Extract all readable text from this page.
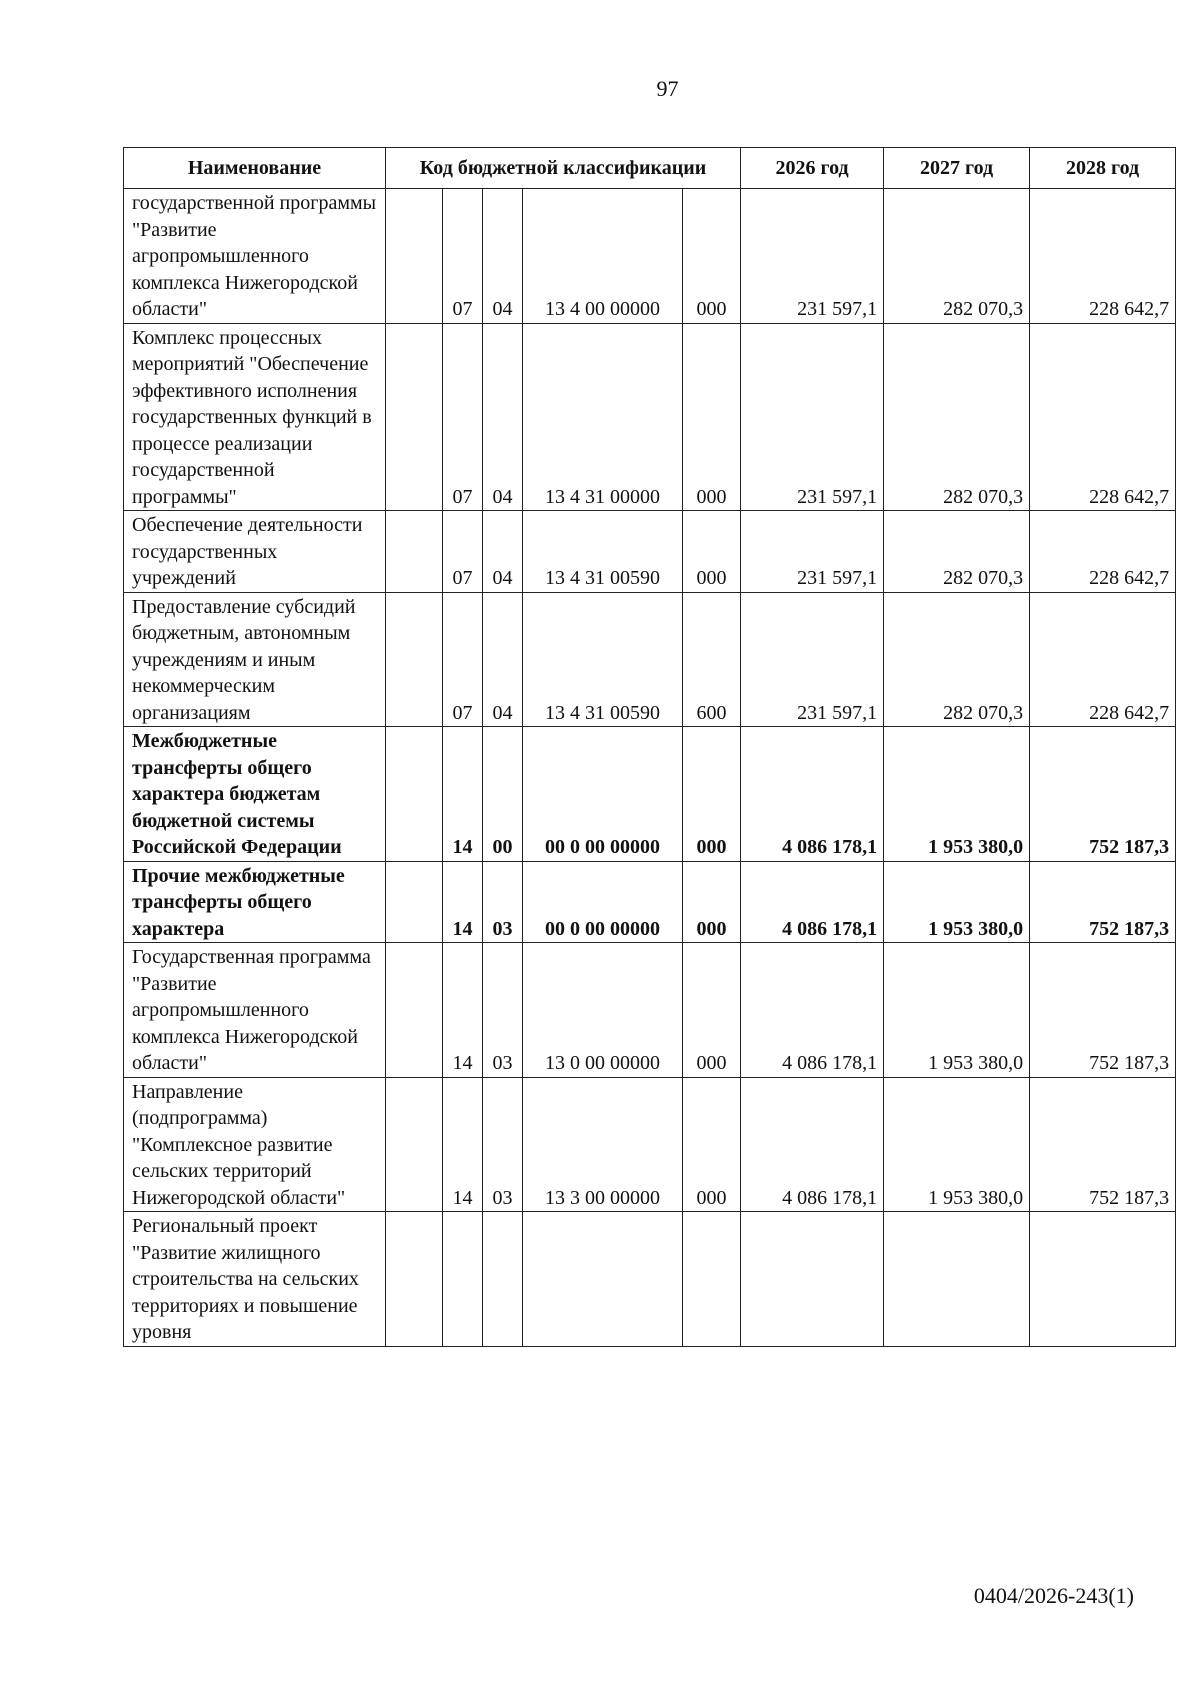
97
Наименование	Код бюджетной классификации					2026 год	2027 год	2028 год
государственной программы "Развитие агропромышленного комплекса Нижегородской области"		07	04	13 4 00 00000	000	231 597,1	282 070,3	228 642,7
Комплекс процессных мероприятий "Обеспечение эффективного исполнения государственных функций в процессе реализации государственной программы"		07	04	13 4 31 00000	000	231 597,1	282 070,3	228 642,7
Обеспечение деятельности государственных учреждений		07	04	13 4 31 00590	000	231 597,1	282 070,3	228 642,7
Предоставление субсидий бюджетным, автономным учреждениям и иным некоммерческим организациям		07	04	13 4 31 00590	600	231 597,1	282 070,3	228 642,7
Межбюджетные трансферты общего характера бюджетам бюджетной системы Российской Федерации		14	00	00 0 00 00000	000	4 086 178,1	1 953 380,0	752 187,3
Прочие межбюджетные трансферты общего характера		14	03	00 0 00 00000	000	4 086 178,1	1 953 380,0	752 187,3
Государственная программа "Развитие агропромышленного комплекса Нижегородской области"		14	03	13 0 00 00000	000	4 086 178,1	1 953 380,0	752 187,3
Направление (подпрограмма) "Комплексное развитие сельских территорий Нижегородской области"		14	03	13 3 00 00000	000	4 086 178,1	1 953 380,0	752 187,3
Региональный проект "Развитие жилищного строительства на сельских территориях и повышение уровня								
0404/2026-243(1)
